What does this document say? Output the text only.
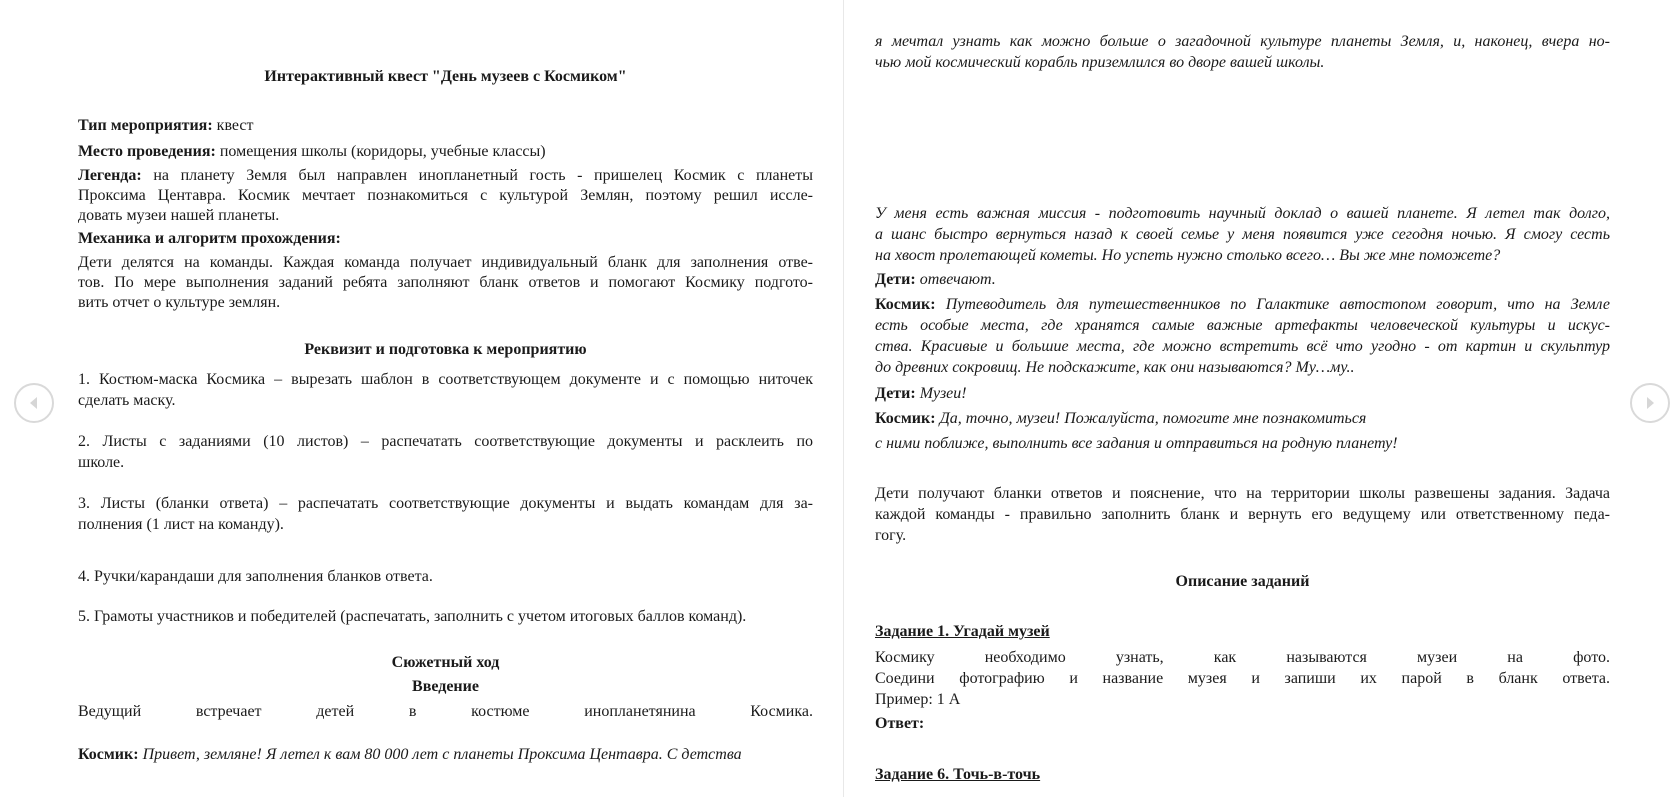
Интерактивный квест "День музеев с Космиком"
Тип мероприятия: квест
Место проведения: помещения школы (коридоры, учебные классы)
Легенда: на планету Земля был направлен инопланетный гость - пришелец Космик с планеты
Проксима Центавра. Космик мечтает познакомиться с культурой Землян, поэтому решил иссле-
довать музеи нашей планеты.
Механика и алгоритм прохождения:
Дети делятся на команды. Каждая команда получает индивидуальный бланк для заполнения отве-
тов. По мере выполнения заданий ребята заполняют бланк ответов и помогают Космику подгото-
вить отчет о культуре землян.
Реквизит и подготовка к мероприятию
1. Костюм-маска Космика – вырезать шаблон в соответствующем документе и с помощью ниточек
сделать маску.
2. Листы с заданиями (10 листов) – распечатать соответствующие документы и расклеить по
школе.
3. Листы (бланки ответа) – распечатать соответствующие документы и выдать командам для за-
полнения (1 лист на команду).
4. Ручки/карандаши для заполнения бланков ответа.
5. Грамоты участников и победителей (распечатать, заполнить с учетом итоговых баллов команд).
Сюжетный ход
Введение
Ведущий встречает детей в костюме инопланетянина Космика.
Космик: Привет, земляне! Я летел к вам 80 000 лет с планеты Проксима Центавра. С детства
я мечтал узнать как можно больше о загадочной культуре планеты Земля, и, наконец, вчера но-
чью мой космический корабль приземлился во дворе вашей школы.
У меня есть важная миссия - подготовить научный доклад о вашей планете. Я летел так долго,
а шанс быстро вернуться назад к своей семье у меня появится уже сегодня ночью. Я смогу сесть
на хвост пролетающей кометы. Но успеть нужно столько всего… Вы же мне поможете?
Дети: отвечают.
Космик: Путеводитель для путешественников по Галактике автостопом говорит, что на Земле
есть особые места, где хранятся самые важные артефакты человеческой культуры и искус-
ства. Красивые и большие места, где можно встретить всё что угодно - от картин и скульптур
до древних сокровищ. Не подскажите, как они называются? Му…му..
Дети: Музеи!
Космик: Да, точно, музеи! Пожалуйста, помогите мне познакомиться
с ними поближе, выполнить все задания и отправиться на родную планету!
Дети получают бланки ответов и пояснение, что на территории школы развешены задания. Задача
каждой команды - правильно заполнить бланк и вернуть его ведущему или ответственному педа-
гогу.
Описание заданий
Задание 1. Угадай музей
Космику необходимо узнать, как называются музеи на фото.
Соедини фотографию и название музея и запиши их парой в бланк ответа.
Пример: 1 А
Ответ:
Задание 6. Точь-в-точь
